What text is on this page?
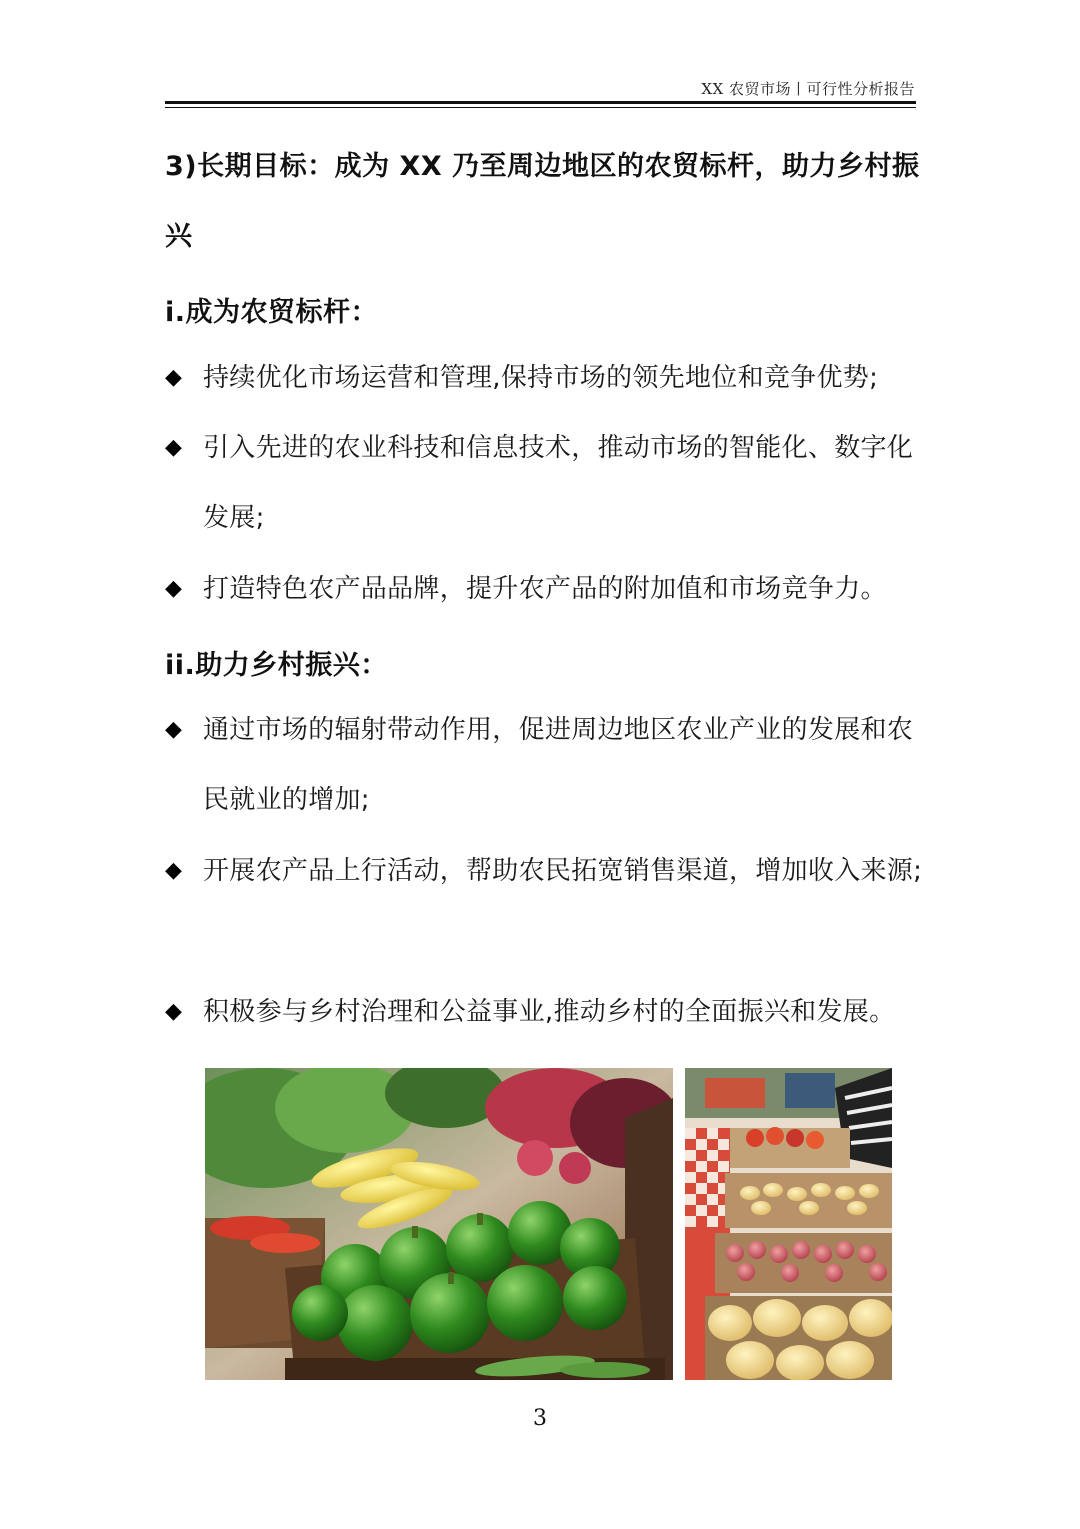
XX 农贸市场丨可行性分析报告
3)长期目标：成为 XX 乃至周边地区的农贸标杆，助力乡村振兴
i.成为农贸标杆：
◆ 持续优化市场运营和管理,保持市场的领先地位和竞争优势;
◆ 引入先进的农业科技和信息技术，推动市场的智能化、数字化发展;
◆ 打造特色农产品品牌，提升农产品的附加值和市场竞争力。
ii.助力乡村振兴：
◆ 通过市场的辐射带动作用，促进周边地区农业产业的发展和农民就业的增加;
◆ 开展农产品上行活动，帮助农民拓宽销售渠道，增加收入来源;
◆ 积极参与乡村治理和公益事业,推动乡村的全面振兴和发展。
3
